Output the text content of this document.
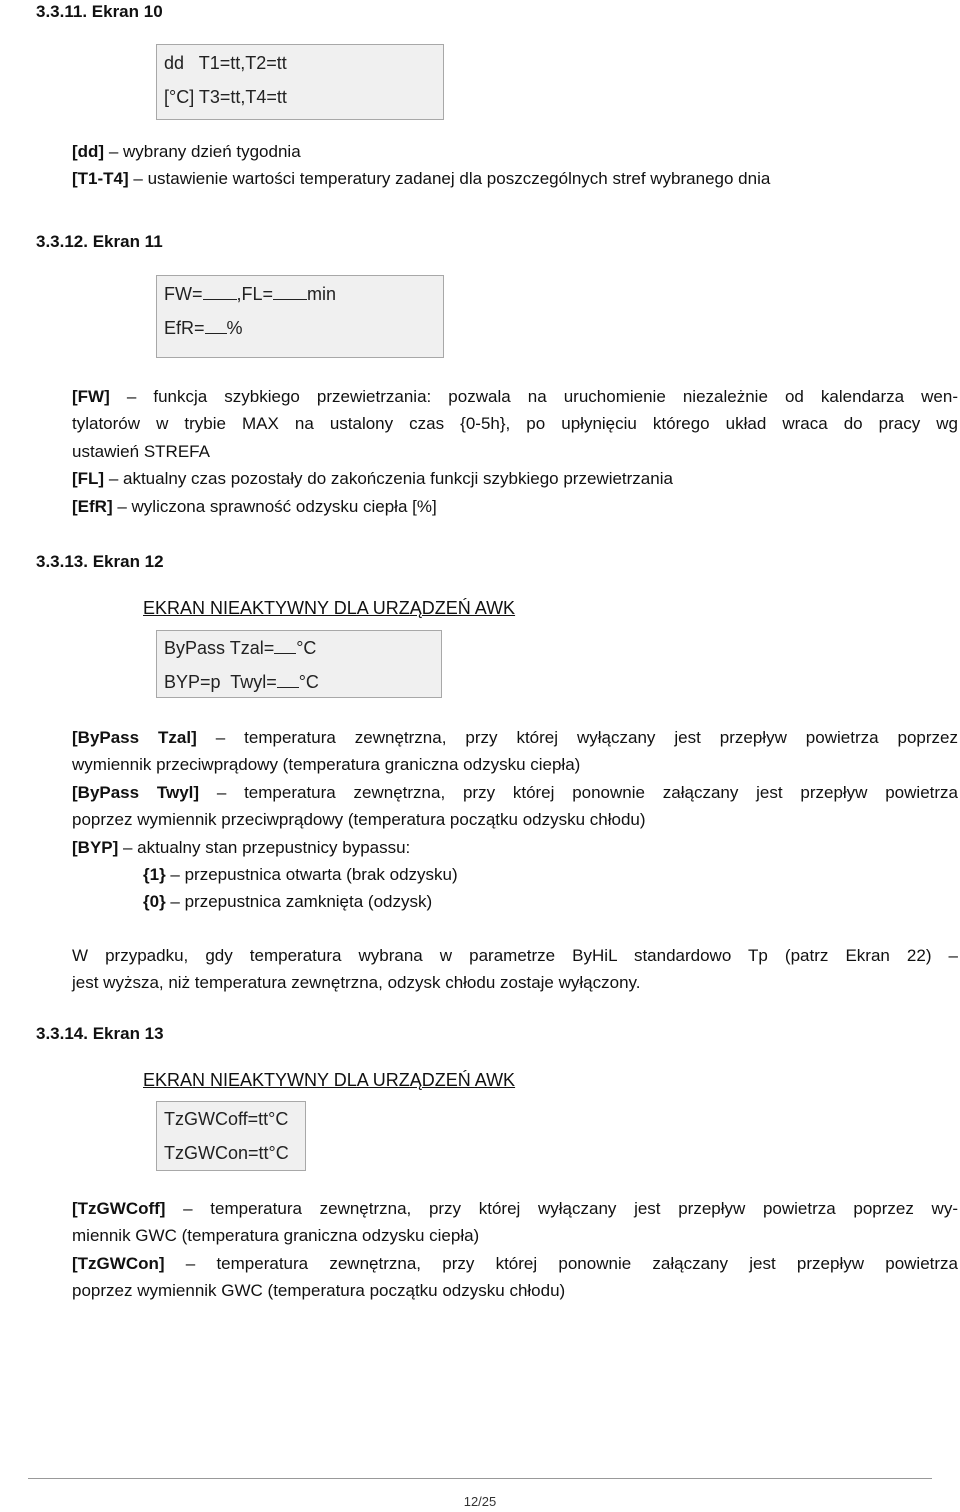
3.3.11. Ekran 10
dd T1=tt,T2=tt
[°C] T3=tt,T4=tt
[dd] – wybrany dzień tygodnia
[T1-T4] – ustawienie wartości temperatury zadanej dla poszczególnych stref wybranego dnia
3.3.12. Ekran 11
FW= ,FL= min
EfR= %
[FW] – funkcja szybkiego przewietrzania: pozwala na uruchomienie niezależnie od kalendarza wen-
tylatorów w trybie MAX na ustalony czas {0-5h}, po upłynięciu którego układ wraca do pracy wg
ustawień STREFA
[FL] – aktualny czas pozostały do zakończenia funkcji szybkiego przewietrzania
[EfR] – wyliczona sprawność odzysku ciepła [%]
3.3.13. Ekran 12
EKRAN NIEAKTYWNY DLA URZĄDZEŃ AWK
ByPass Tzal= °C
BYP=p  Twyl= °C
[ByPass Tzal] – temperatura zewnętrzna, przy której wyłączany jest przepływ powietrza poprzez
wymiennik przeciwprądowy (temperatura graniczna odzysku ciepła)
[ByPass Twyl] – temperatura zewnętrzna, przy której ponownie załączany jest przepływ powietrza
poprzez wymiennik przeciwprądowy (temperatura początku odzysku chłodu)
[BYP] – aktualny stan przepustnicy bypassu:
{1} – przepustnica otwarta (brak odzysku)
{0} – przepustnica zamknięta (odzysk)
W przypadku, gdy temperatura wybrana w parametrze ByHiL standardowo Tp (patrz Ekran 22) –
jest wyższa, niż temperatura zewnętrzna, odzysk chłodu zostaje wyłączony.
3.3.14. Ekran 13
EKRAN NIEAKTYWNY DLA URZĄDZEŃ AWK
TzGWCoff=tt°C
TzGWCon=tt°C
[TzGWCoff] – temperatura zewnętrzna, przy której wyłączany jest przepływ powietrza poprzez wy-
miennik GWC (temperatura graniczna odzysku ciepła)
[TzGWCon] – temperatura zewnętrzna, przy której ponownie załączany jest przepływ powietrza
poprzez wymiennik GWC (temperatura początku odzysku chłodu)
12/25
